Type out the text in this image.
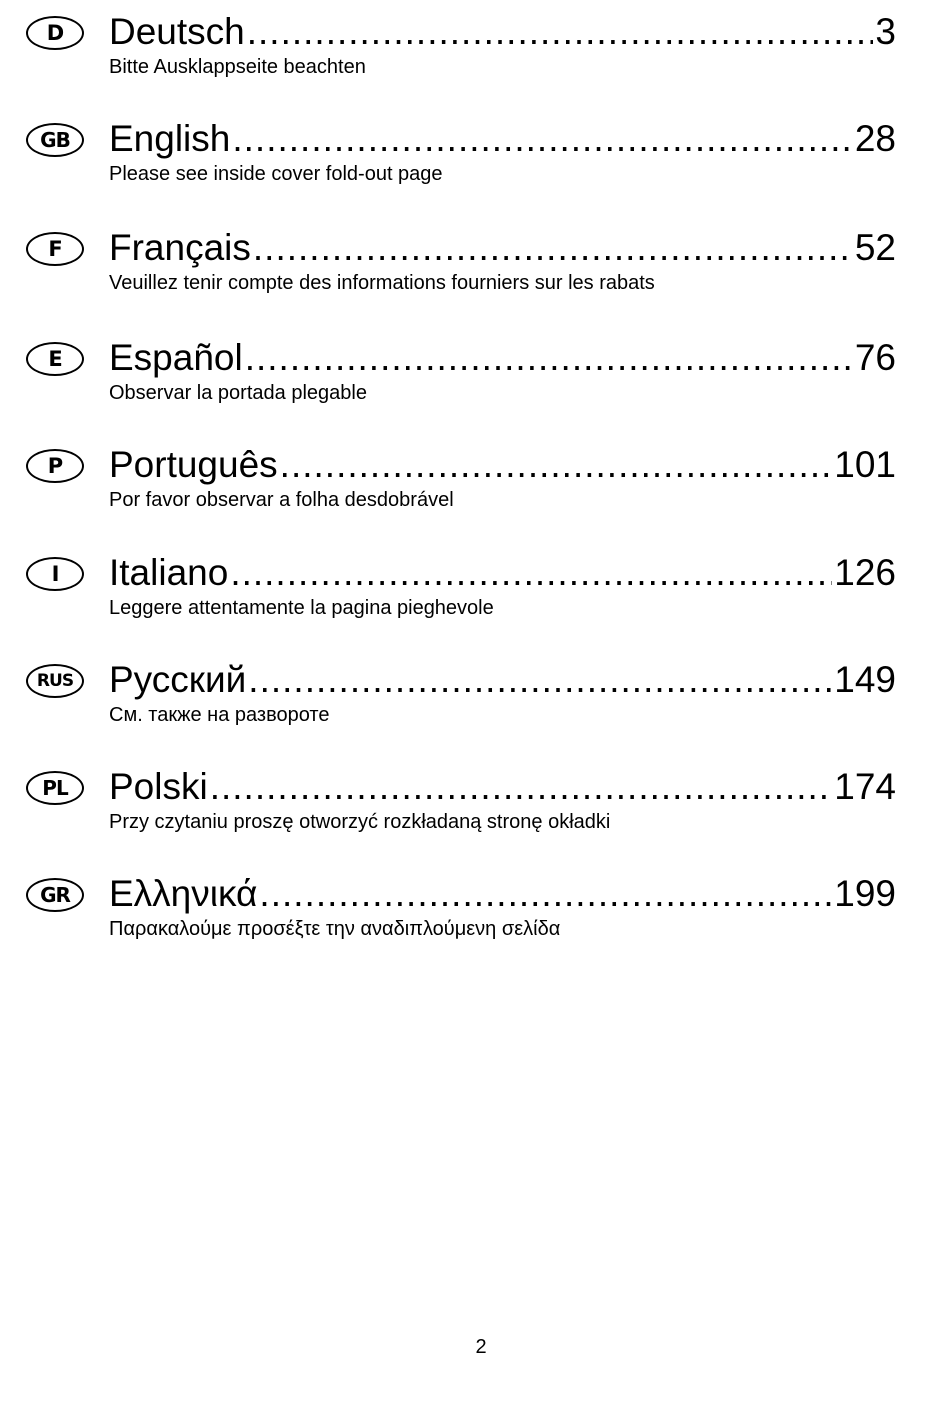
D	Deutsch .....	3
Bitte Ausklappseite beachten
GB	English .....	28
Please see inside cover fold-out page
F	Français .....	52
Veuillez tenir compte des informations fourniers sur les rabats
E	Español .....	76
Observar la portada plegable
P	Português .....	101
Por favor observar a folha desdobrável
I	Italiano .....	126
Leggere attentamente la pagina pieghevole
RUS Русский .....	149
См. также на развороте
PL	Polski .....	174
Przy czytaniu proszę otworzyć rozkładaną stronę okładki
GR	Ελληνικά .....	199
Παρακαλούμε προσέξτε την αναδιπλούμενη σελίδα
2
